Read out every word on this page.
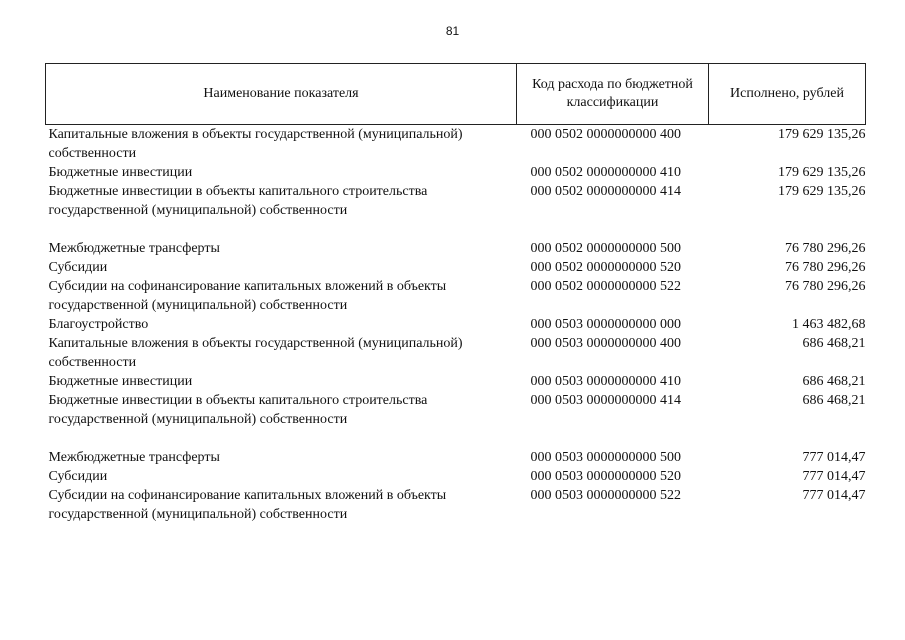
81
Наименование показателя	Код расхода по бюджетной классификации	Исполнено, рублей
Капитальные вложения в объекты государственной (муниципальной) собственности	000 0502 0000000000 400	179 629 135,26
Бюджетные инвестиции	000 0502 0000000000 410	179 629 135,26
Бюджетные инвестиции в объекты капитального строительства государственной (муниципальной) собственности	000 0502 0000000000 414	179 629 135,26

Межбюджетные трансферты	000 0502 0000000000 500	76 780 296,26
Субсидии	000 0502 0000000000 520	76 780 296,26
Субсидии на софинансирование капитальных вложений в объекты государственной (муниципальной) собственности	000 0502 0000000000 522	76 780 296,26
Благоустройство	000 0503 0000000000 000	1 463 482,68
Капитальные вложения в объекты государственной (муниципальной) собственности	000 0503 0000000000 400	686 468,21
Бюджетные инвестиции	000 0503 0000000000 410	686 468,21
Бюджетные инвестиции в объекты капитального строительства государственной (муниципальной) собственности	000 0503 0000000000 414	686 468,21

Межбюджетные трансферты	000 0503 0000000000 500	777 014,47
Субсидии	000 0503 0000000000 520	777 014,47
Субсидии на софинансирование капитальных вложений в объекты государственной (муниципальной) собственности	000 0503 0000000000 522	777 014,47
